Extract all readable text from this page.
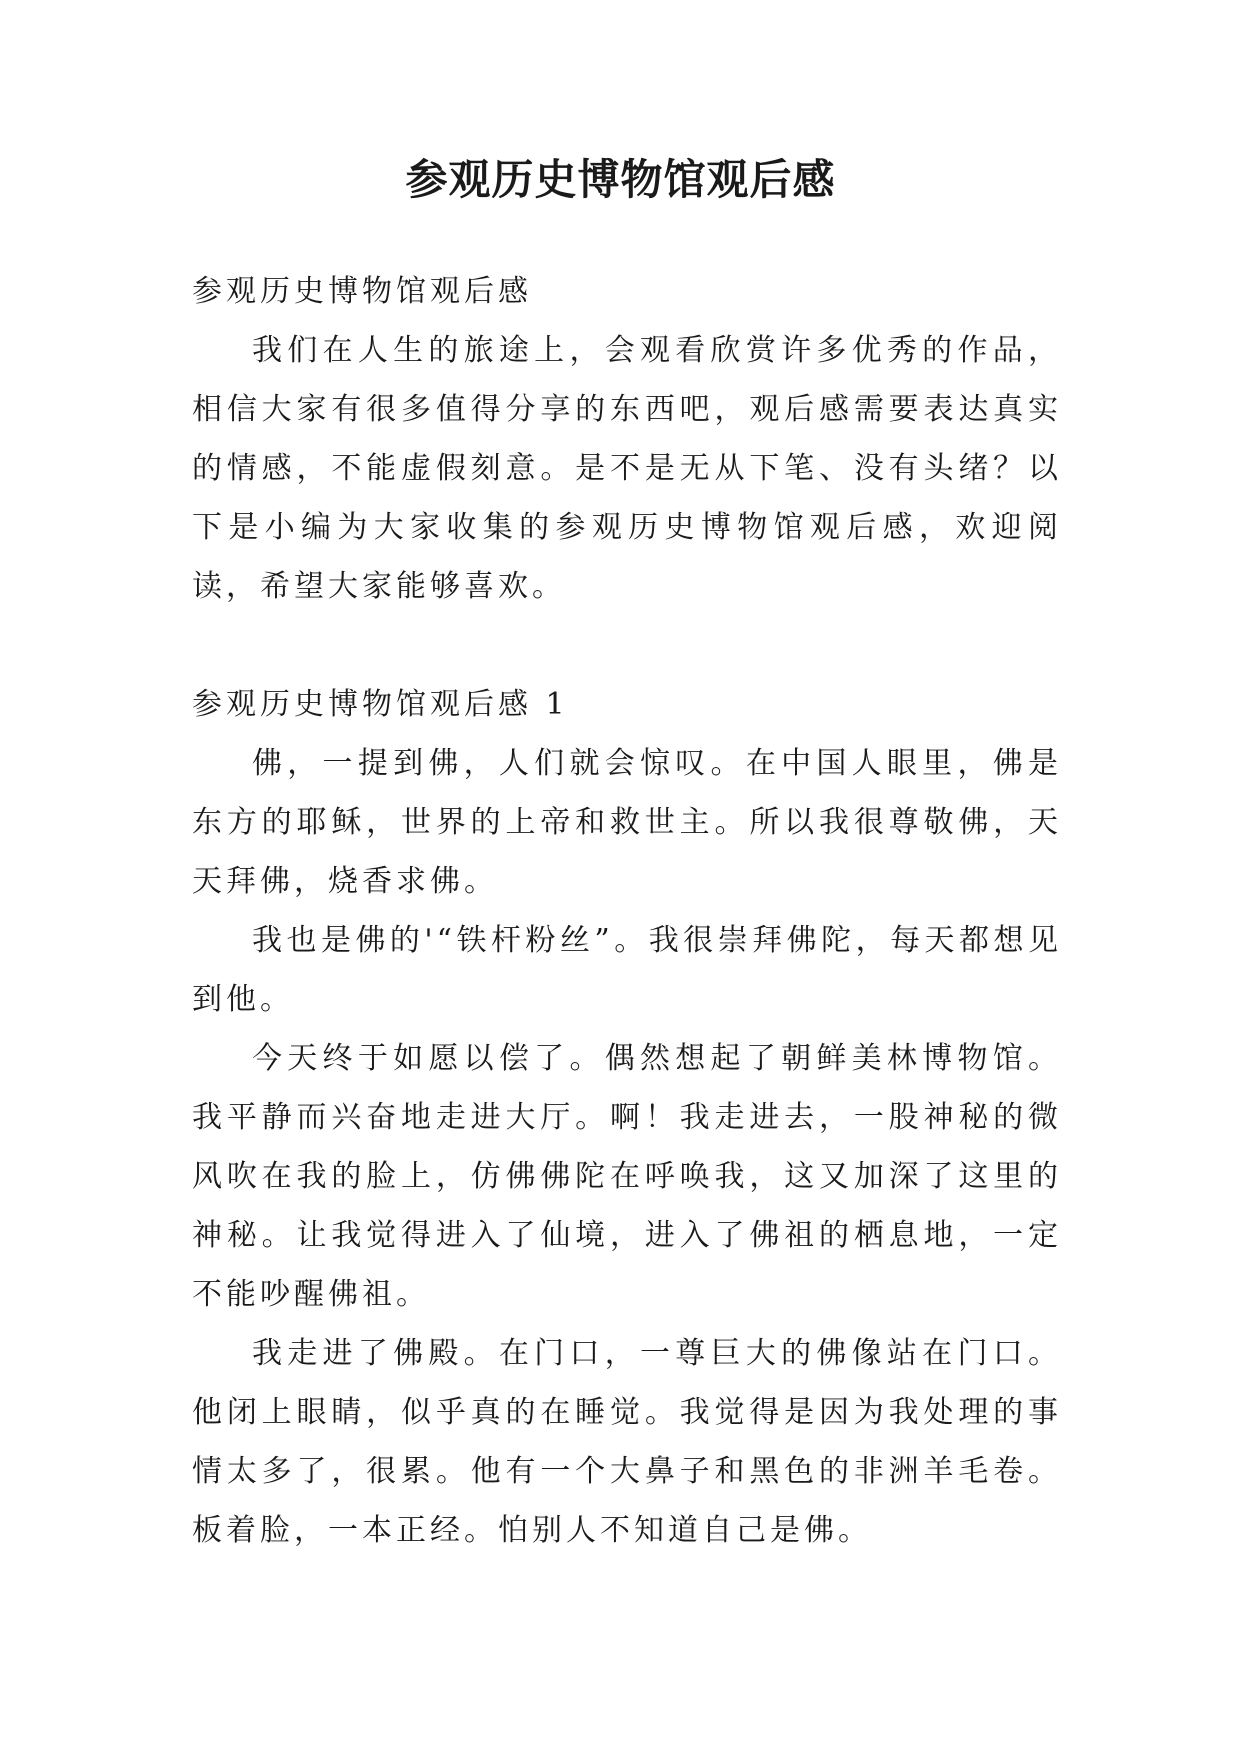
参观历史博物馆观后感

参观历史博物馆观后感

我们在人生的旅途上，会观看欣赏许多优秀的作品，相信大家有很多值得分享的东西吧，观后感需要表达真实的情感，不能虚假刻意。是不是无从下笔、没有头绪？以下是小编为大家收集的参观历史博物馆观后感，欢迎阅读，希望大家能够喜欢。

参观历史博物馆观后感 1

佛，一提到佛，人们就会惊叹。在中国人眼里，佛是东方的耶稣，世界的上帝和救世主。所以我很尊敬佛，天天拜佛，烧香求佛。

我也是佛的'“铁杆粉丝”。我很崇拜佛陀，每天都想见到他。

今天终于如愿以偿了。偶然想起了朝鲜美林博物馆。我平静而兴奋地走进大厅。啊！我走进去，一股神秘的微风吹在我的脸上，仿佛佛陀在呼唤我，这又加深了这里的神秘。让我觉得进入了仙境，进入了佛祖的栖息地，一定不能吵醒佛祖。

我走进了佛殿。在门口，一尊巨大的佛像站在门口。他闭上眼睛，似乎真的在睡觉。我觉得是因为我处理的事情太多了，很累。他有一个大鼻子和黑色的非洲羊毛卷。板着脸，一本正经。怕别人不知道自己是佛。
